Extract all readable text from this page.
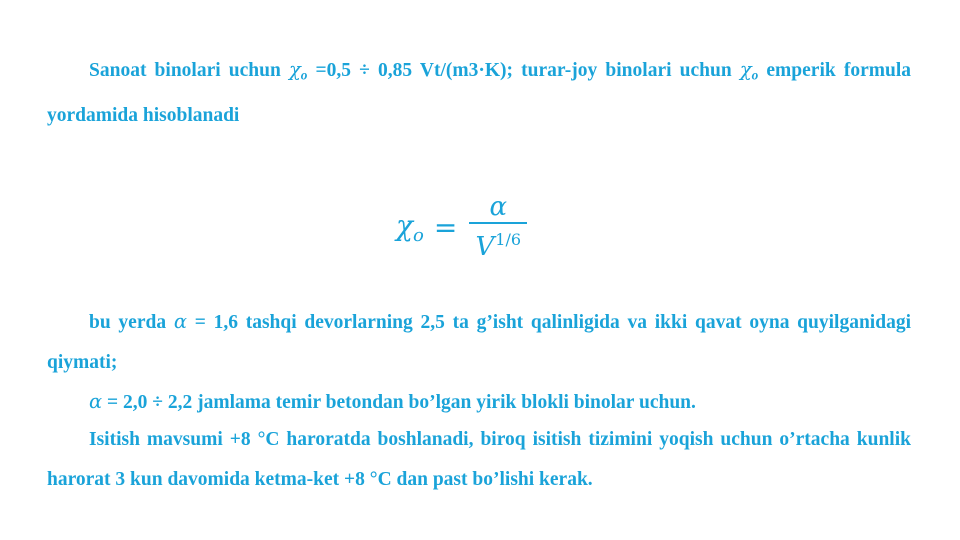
Sanoat binolari uchun $\chi_o =0,5 \div 0,85$ Vt/(m3·K); turar-joy binolari uchun $\chi_o$ emperik formula yordamida hisoblanadi

$\chi_o = \frac{\alpha}{V^{1/6}}$

bu yerda α = 1,6 tashqi devorlarning 2,5 ta g’isht qalinligida va ikki qavat oyna quyilganidagi qiymati;

α = 2,0 ÷ 2,2 jamlama temir betondan bo’lgan yirik blokli binolar uchun.

Isitish mavsumi +8 °C haroratda boshlanadi, biroq isitish tizimini yoqish uchun o’rtacha kunlik harorat 3 kun davomida ketma-ket +8 °C dan past bo’lishi kerak.
